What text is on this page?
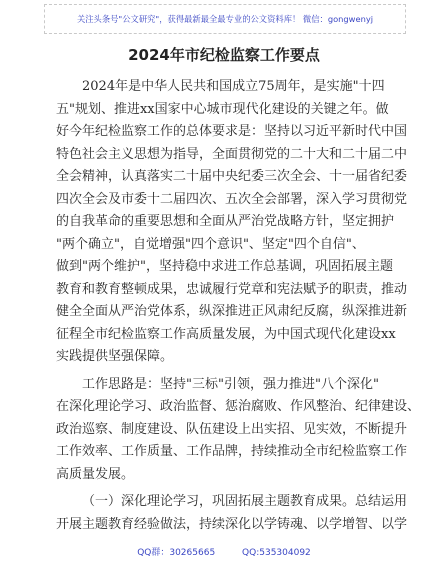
关注头条号"公文研究"，获得最新最全最专业的公文资料库！ 微信：gongwenyj
2024年市纪检监察工作要点

2024年是中华人民共和国成立75周年，是实施"十四
五"规划、推进xx国家中心城市现代化建设的关键之年。做
好今年纪检监察工作的总体要求是：坚持以习近平新时代中国
特色社会主义思想为指导，全面贯彻党的二十大和二十届二中
全会精神，认真落实二十届中央纪委三次全会、十一届省纪委
四次全会及市委十二届四次、五次全会部署，深入学习贯彻党
的自我革命的重要思想和全面从严治党战略方针，坚定拥护
"两个确立"，自觉增强"四个意识"、坚定"四个自信"、
做到"两个维护"，坚持稳中求进工作总基调，巩固拓展主题
教育和教育整顿成果，忠诚履行党章和宪法赋予的职责，推动
健全全面从严治党体系，纵深推进正风肃纪反腐，纵深推进新
征程全市纪检监察工作高质量发展，为中国式现代化建设xx
实践提供坚强保障。

工作思路是：坚持"三标"引领，强力推进"八个深化"
在深化理论学习、政治监督、惩治腐败、作风整治、纪律建设、
政治巡察、制度建设、队伍建设上出实招、见实效，不断提升
工作效率、工作质量、工作品牌，持续推动全市纪检监察工作
高质量发展。

（一）深化理论学习，巩固拓展主题教育成果。总结运用
开展主题教育经验做法，持续深化以学铸魂、以学增智、以学

QQ群：30265665	QQ:535304092
